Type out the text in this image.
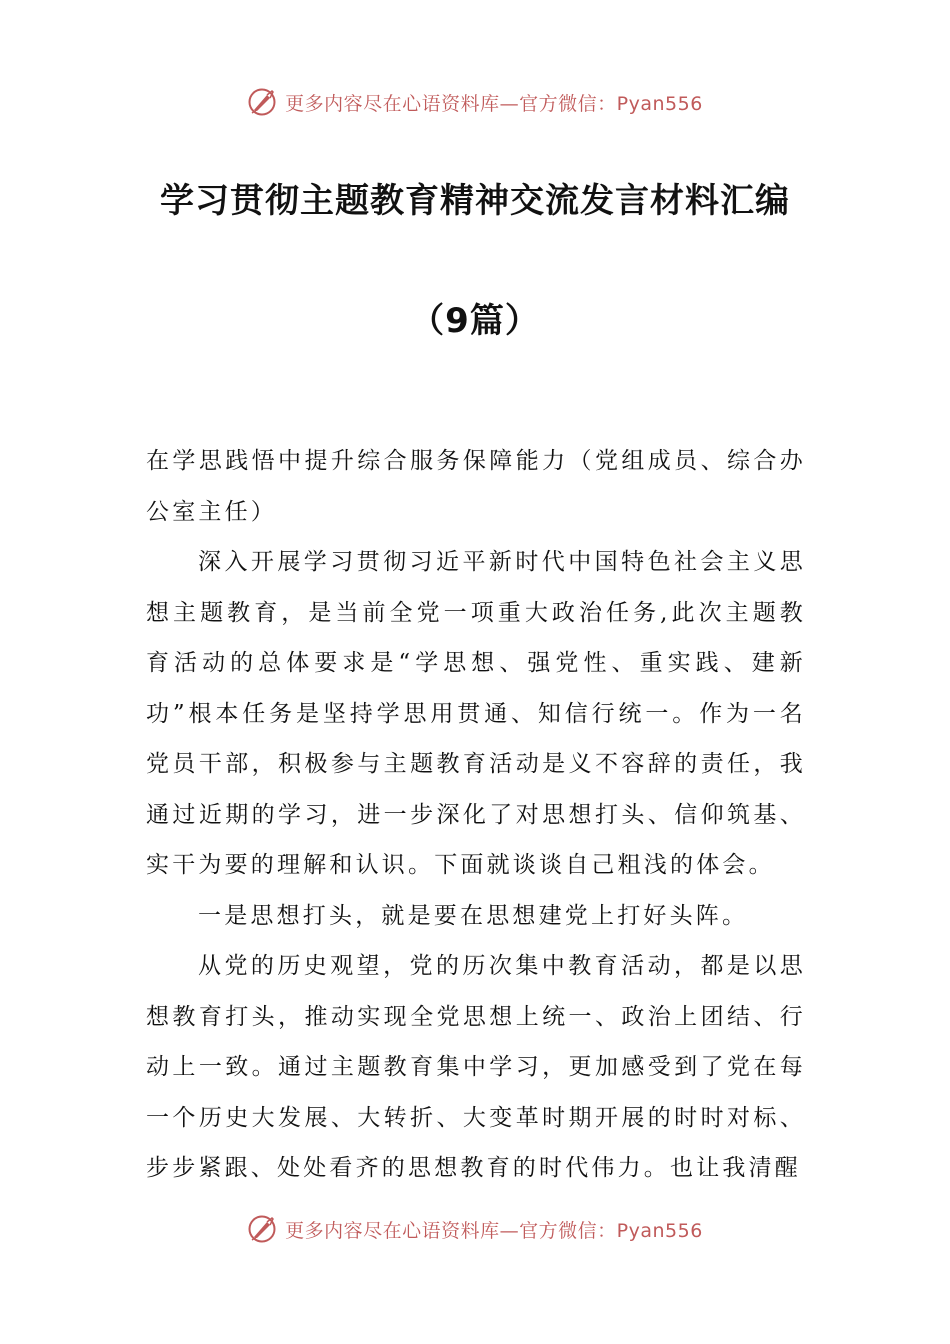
更多内容尽在心语资料库—官方微信：Pyan556
学习贯彻主题教育精神交流发言材料汇编
（9篇）

在学思践悟中提升综合服务保障能力（党组成员、综合办公室主任）

深入开展学习贯彻习近平新时代中国特色社会主义思想主题教育，是当前全党一项重大政治任务,此次主题教育活动的总体要求是“学思想、强党性、重实践、建新功”根本任务是坚持学思用贯通、知信行统一。作为一名党员干部，积极参与主题教育活动是义不容辞的责任，我通过近期的学习，进一步深化了对思想打头、信仰筑基、实干为要的理解和认识。下面就谈谈自己粗浅的体会。

一是思想打头，就是要在思想建党上打好头阵。

从党的历史观望，党的历次集中教育活动，都是以思想教育打头，推动实现全党思想上统一、政治上团结、行动上一致。通过主题教育集中学习，更加感受到了党在每一个历史大发展、大转折、大变革时期开展的时时对标、步步紧跟、处处看齐的思想教育的时代伟力。也让我清醒

更多内容尽在心语资料库—官方微信：Pyan556
